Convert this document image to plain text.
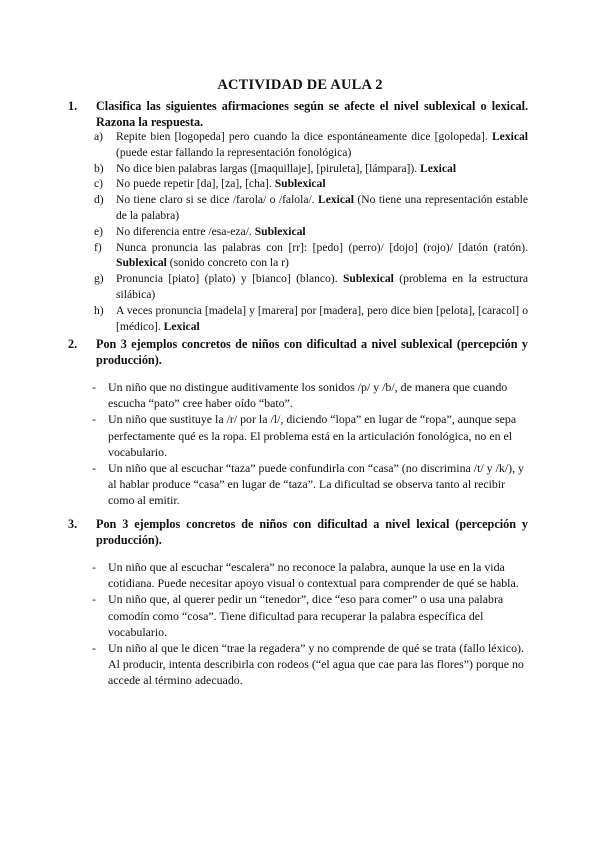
ACTIVIDAD DE AULA 2
1. Clasifica las siguientes afirmaciones según se afecte el nivel sublexical o lexical. Razona la respuesta.
a) Repite bien [logopeda] pero cuando la dice espontáneamente dice [golopeda]. Lexical (puede estar fallando la representación fonológica)
b) No dice bien palabras largas ([maquillaje], [piruleta], [lámpara]). Lexical
c) No puede repetir [da], [za], [cha]. Sublexical
d) No tiene claro si se dice /farola/ o /falola/. Lexical (No tiene una representación estable de la palabra)
e) No diferencia entre /esa-eza/. Sublexical
f) Nunca pronuncia las palabras con [rr]: [pedo] (perro)/ [dojo] (rojo)/ [datón (ratón). Sublexical (sonido concreto con la r)
g) Pronuncia [piato] (plato) y [bianco] (blanco). Sublexical (problema en la estructura silábica)
h) A veces pronuncia [madela] y [marera] por [madera], pero dice bien [pelota], [caracol] o [médico]. Lexical
2. Pon 3 ejemplos concretos de niños con dificultad a nivel sublexical (percepción y producción).
- Un niño que no distingue auditivamente los sonidos /p/ y /b/, de manera que cuando escucha “pato” cree haber oído “bato”.
- Un niño que sustituye la /r/ por la /l/, diciendo “lopa” en lugar de “ropa”, aunque sepa perfectamente qué es la ropa. El problema está en la articulación fonológica, no en el vocabulario.
- Un niño que al escuchar “taza” puede confundirla con “casa” (no discrimina /t/ y /k/), y al hablar produce “casa” en lugar de “taza”. La dificultad se observa tanto al recibir como al emitir.
3. Pon 3 ejemplos concretos de niños con dificultad a nivel lexical (percepción y producción).
- Un niño que al escuchar “escalera” no reconoce la palabra, aunque la use en la vida cotidiana. Puede necesitar apoyo visual o contextual para comprender de qué se habla.
- Un niño que, al querer pedir un “tenedor”, dice “eso para comer” o usa una palabra comodín como “cosa”. Tiene dificultad para recuperar la palabra específica del vocabulario.
- Un niño al que le dicen “trae la regadera” y no comprende de qué se trata (fallo léxico). Al producir, intenta describirla con rodeos (“el agua que cae para las flores”) porque no accede al término adecuado.
